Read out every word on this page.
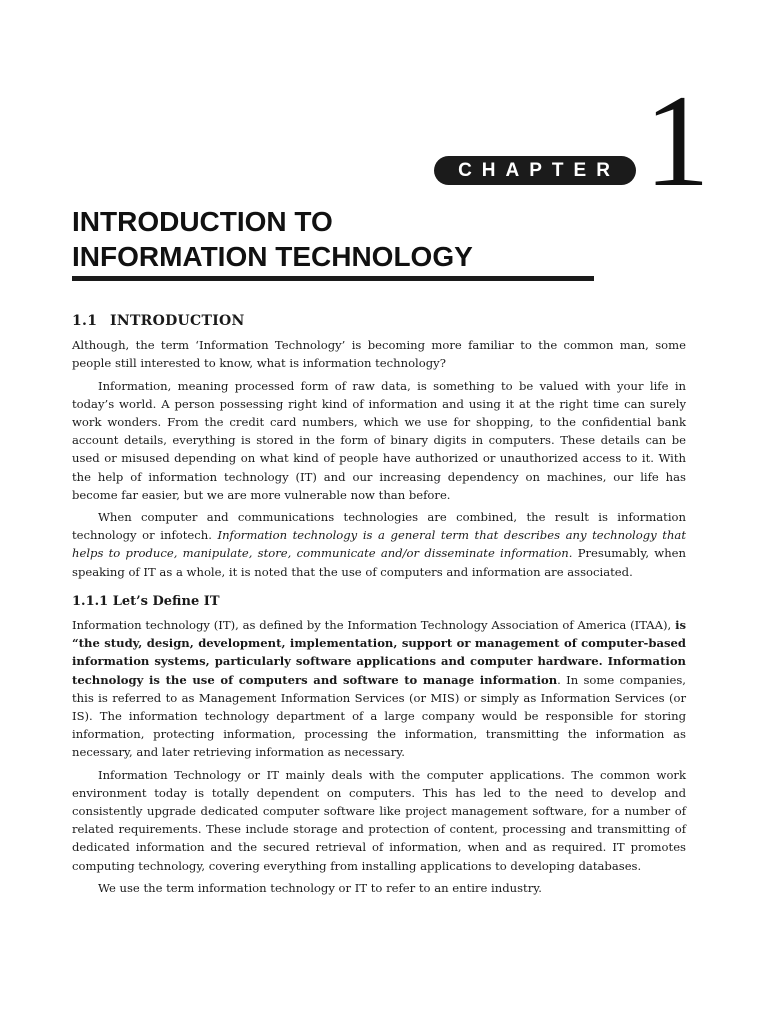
CHAPTER 1
INTRODUCTION TO
INFORMATION TECHNOLOGY
1.1 INTRODUCTION

Although, the term ‘Information Technology’ is becoming more familiar to the common man, some people still interested to know, what is information technology?

Information, meaning processed form of raw data, is something to be valued with your life in today’s world. A person possessing right kind of information and using it at the right time can surely work wonders. From the credit card numbers, which we use for shopping, to the confidential bank account details, everything is stored in the form of binary digits in computers. These details can be used or misused depending on what kind of people have authorized or unauthorized access to it. With the help of information technology (IT) and our increasing dependency on machines, our life has become far easier, but we are more vulnerable now than before.

When computer and communications technologies are combined, the result is information technology or infotech. Information technology is a general term that describes any technology that helps to produce, manipulate, store, communicate and/or disseminate information. Presumably, when speaking of IT as a whole, it is noted that the use of computers and information are associated.

1.1.1 Let’s Define IT

Information technology (IT), as defined by the Information Technology Association of America (ITAA), is “the study, design, development, implementation, support or management of computer-based information systems, particularly software applications and computer hardware. Information technology is the use of computers and software to manage information. In some companies, this is referred to as Management Information Services (or MIS) or simply as Information Services (or IS). The information technology department of a large company would be responsible for storing information, protecting information, processing the information, transmitting the information as necessary, and later retrieving information as necessary.

Information Technology or IT mainly deals with the computer applications. The common work environment today is totally dependent on computers. This has led to the need to develop and consistently upgrade dedicated computer software like project management software, for a number of related requirements. These include storage and protection of content, processing and transmitting of dedicated information and the secured retrieval of information, when and as required. IT promotes computing technology, covering everything from installing applications to developing databases.

We use the term information technology or IT to refer to an entire industry.
